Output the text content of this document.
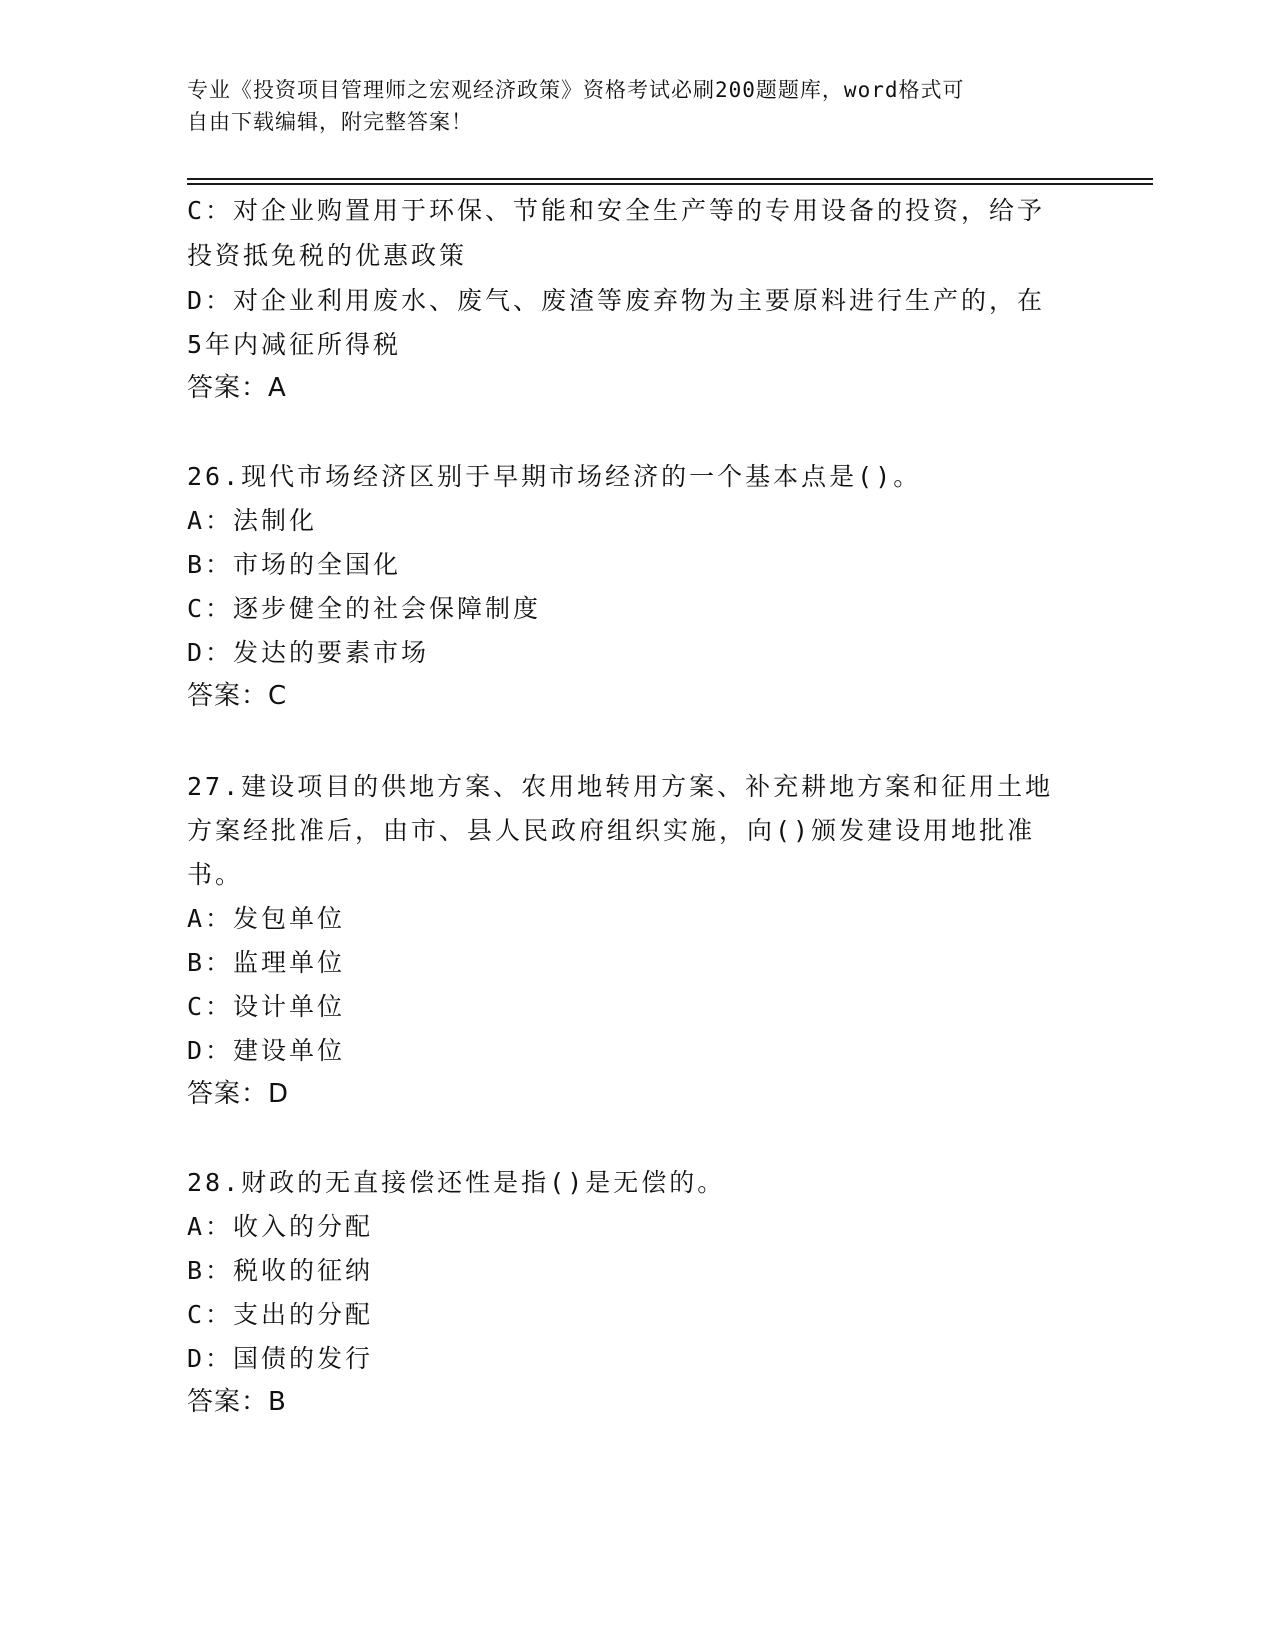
专业《投资项目管理师之宏观经济政策》资格考试必刷200题题库，word格式可
自由下载编辑，附完整答案！
C：对企业购置用于环保、节能和安全生产等的专用设备的投资，给予
投资抵免税的优惠政策
D：对企业利用废水、废气、废渣等废弃物为主要原料进行生产的，在
5年内减征所得税
答案：A
26.现代市场经济区别于早期市场经济的一个基本点是()。
A：法制化
B：市场的全国化
C：逐步健全的社会保障制度
D：发达的要素市场
答案：C
27.建设项目的供地方案、农用地转用方案、补充耕地方案和征用土地
方案经批准后，由市、县人民政府组织实施，向()颁发建设用地批准
书。
A：发包单位
B：监理单位
C：设计单位
D：建设单位
答案：D
28.财政的无直接偿还性是指()是无偿的。
A：收入的分配
B：税收的征纳
C：支出的分配
D：国债的发行
答案：B
